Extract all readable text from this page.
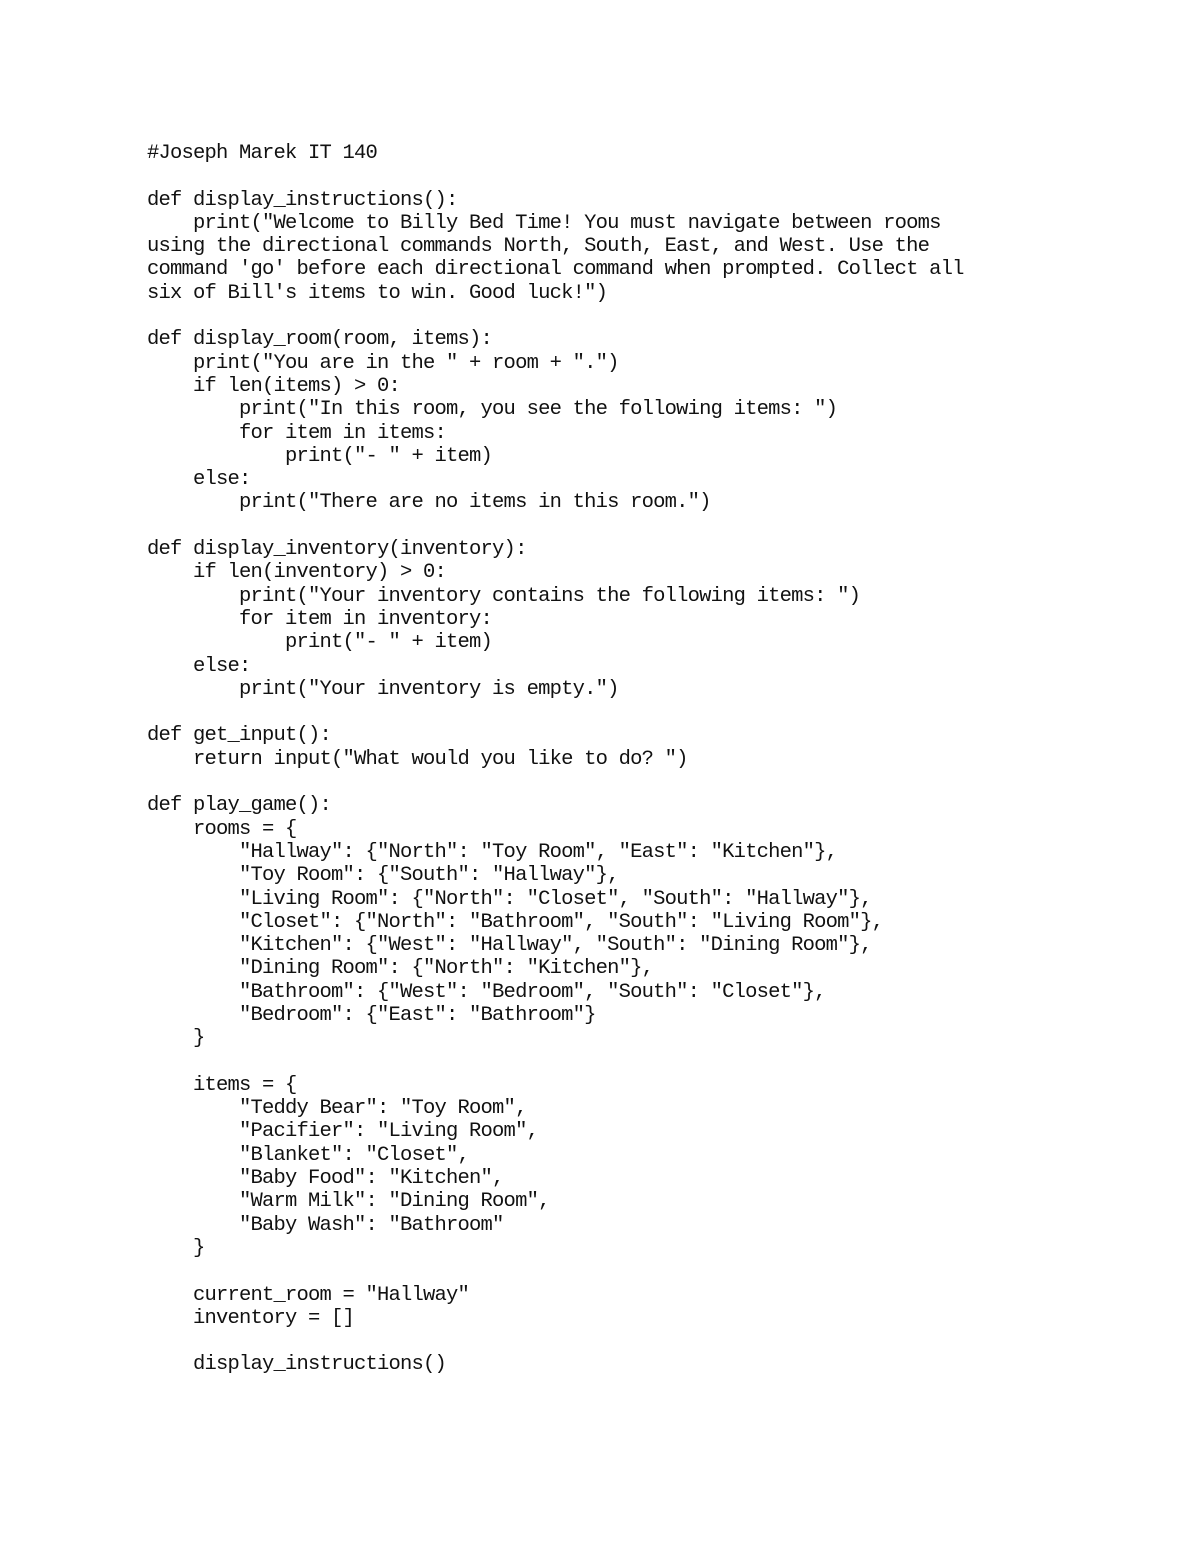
#Joseph Marek IT 140
def display_instructions():
print("Welcome to Billy Bed Time! You must navigate between rooms
using the directional commands North, South, East, and West. Use the
command 'go' before each directional command when prompted. Collect all
six of Bill's items to win. Good luck!")
def display_room(room, items):
print("You are in the " + room + ".")
if len(items) > 0:
print("In this room, you see the following items: ")
for item in items:
print("- " + item)
else:
print("There are no items in this room.")
def display_inventory(inventory):
if len(inventory) > 0:
print("Your inventory contains the following items: ")
for item in inventory:
print("- " + item)
else:
print("Your inventory is empty.")
def get_input():
return input("What would you like to do? ")
def play_game():
rooms = {
"Hallway": {"North": "Toy Room", "East": "Kitchen"},
"Toy Room": {"South": "Hallway"},
"Living Room": {"North": "Closet", "South": "Hallway"},
"Closet": {"North": "Bathroom", "South": "Living Room"},
"Kitchen": {"West": "Hallway", "South": "Dining Room"},
"Dining Room": {"North": "Kitchen"},
"Bathroom": {"West": "Bedroom", "South": "Closet"},
"Bedroom": {"East": "Bathroom"}
}
items = {
"Teddy Bear": "Toy Room",
"Pacifier": "Living Room",
"Blanket": "Closet",
"Baby Food": "Kitchen",
"Warm Milk": "Dining Room",
"Baby Wash": "Bathroom"
}
current_room = "Hallway"
inventory = []
display_instructions()
